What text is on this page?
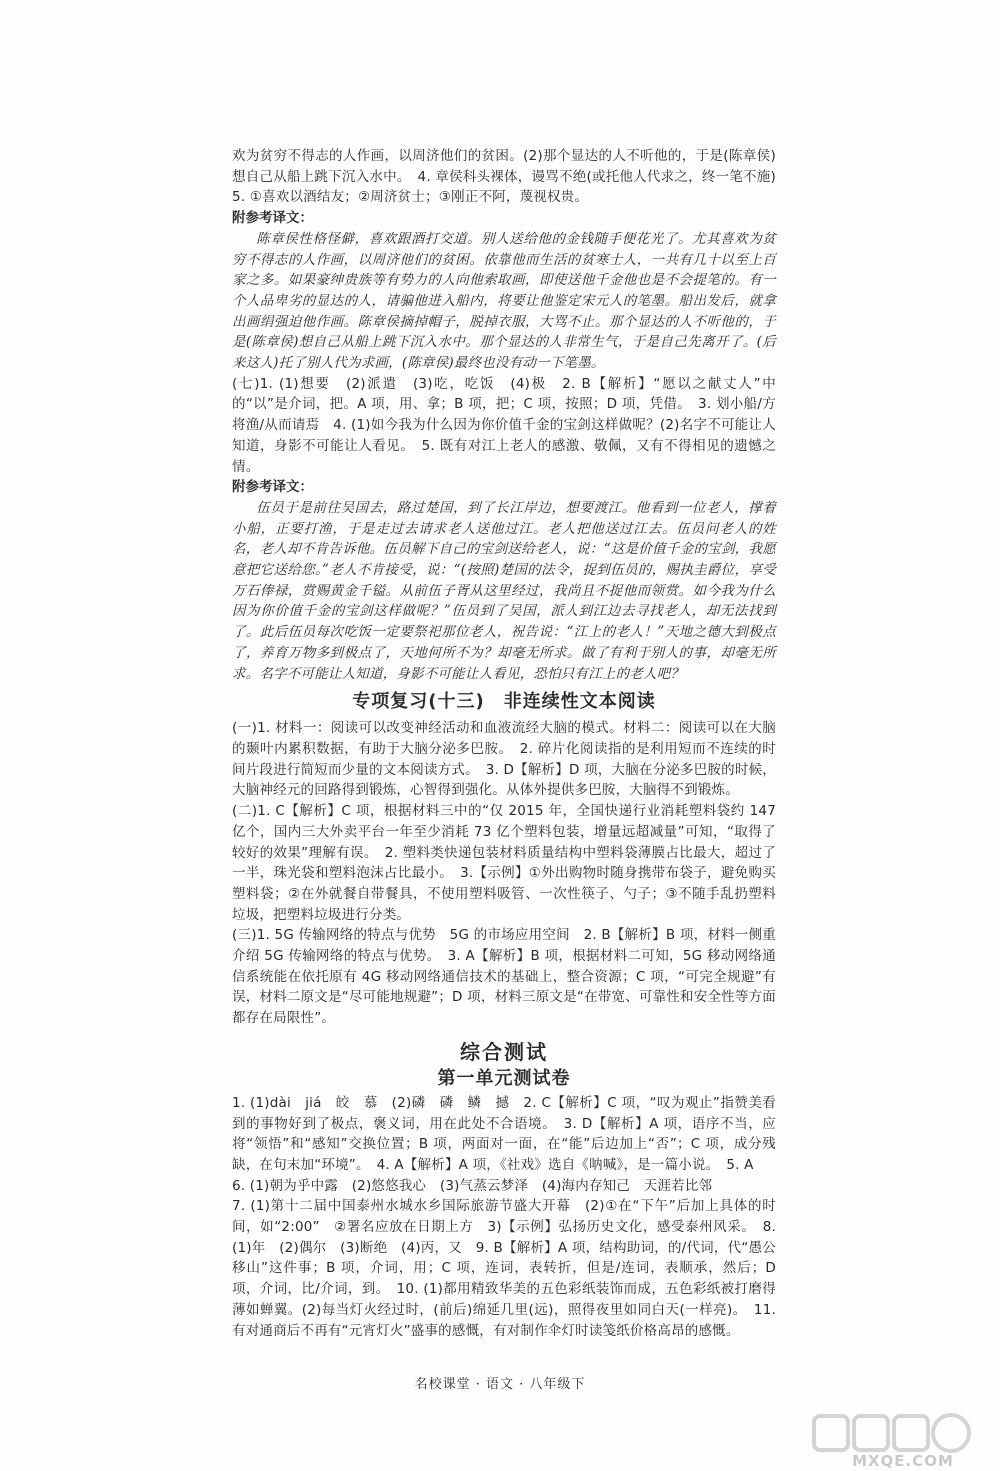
欢为贫穷不得志的人作画，以周济他们的贫困。(2)那个显达的人不听他的，于是(陈章侯)想自己从船上跳下沉入水中。　4. 章侯科头裸体，谩骂不绝(或托他人代求之，终一笔不施)　5. ①喜欢以酒结友；②周济贫士；③刚正不阿，蔑视权贵。

附参考译文：

陈章侯性格怪僻，喜欢跟酒打交道。别人送给他的金钱随手便花光了。尤其喜欢为贫穷不得志的人作画，以周济他们的贫困。依靠他而生活的贫寒士人，一共有几十以至上百家之多。如果豪绅贵族等有势力的人向他索取画，即使送他千金他也是不会提笔的。有一个人品卑劣的显达的人，请骗他进入船内，将要让他鉴定宋元人的笔墨。船出发后，就拿出画绢强迫他作画。陈章侯摘掉帽子，脱掉衣服，大骂不止。那个显达的人不听他的，于是(陈章侯)想自己从船上跳下沉入水中。那个显达的人非常生气，于是自己先离开了。(后来这人)托了别人代为求画，(陈章侯)最终也没有动一下笔墨。

(七)1. (1)想要　(2)派遣　(3)吃，吃饭　(4)极　2. B【解析】“愿以之献丈人”中的“以”是介词，把。A 项，用、拿；B 项，把；C 项，按照；D 项，凭借。　3. 划小船/方将渔/从而请焉　4. (1)如今我为什么因为你价值千金的宝剑这样做呢？(2)名字不可能让人知道，身影不可能让人看见。　5. 既有对江上老人的感激、敬佩，又有不得相见的遗憾之情。

附参考译文：

伍员于是前往吴国去，路过楚国，到了长江岸边，想要渡江。他看到一位老人，撑着小船，正要打渔，于是走过去请求老人送他过江。老人把他送过江去。伍员问老人的姓名，老人却不肯告诉他。伍员解下自己的宝剑送给老人，说：“这是价值千金的宝剑，我愿意把它送给您。”老人不肯接受，说：“(按照)楚国的法令，捉到伍员的，赐执圭爵位，享受万石俸禄，赏赐黄金千镒。从前伍子胥从这里经过，我尚且不捉他而领赏。如今我为什么因为你价值千金的宝剑这样做呢？”伍员到了吴国，派人到江边去寻找老人，却无法找到了。此后伍员每次吃饭一定要祭祀那位老人，祝告说：“江上的老人！”天地之德大到极点了，养育万物多到极点了，天地何所不为？却毫无所求。做了有利于别人的事，却毫无所求。名字不可能让人知道，身影不可能让人看见，恐怕只有江上的老人吧？

专项复习(十三)　非连续性文本阅读

(一)1. 材料一：阅读可以改变神经活动和血液流经大脑的模式。材料二：阅读可以在大脑的颞叶内累积数据，有助于大脑分泌多巴胺。　2. 碎片化阅读指的是利用短而不连续的时间片段进行简短而少量的文本阅读方式。　3. D【解析】D 项，大脑在分泌多巴胺的时候，大脑神经元的回路得到锻炼，心智得到强化。从体外提供多巴胺，大脑得不到锻炼。

(二)1. C【解析】C 项，根据材料三中的“仅 2015 年，全国快递行业消耗塑料袋约 147 亿个，国内三大外卖平台一年至少消耗 73 亿个塑料包装，增量远超减量”可知，“取得了较好的效果”理解有误。　2. 塑料类快递包装材料质量结构中塑料袋薄膜占比最大，超过了一半，珠光袋和塑料泡沫占比最小。　3.【示例】①外出购物时随身携带布袋子，避免购买塑料袋；②在外就餐自带餐具，不使用塑料吸管、一次性筷子、勺子；③不随手乱扔塑料垃圾，把塑料垃圾进行分类。

(三)1. 5G 传输网络的特点与优势　5G 的市场应用空间　2. B【解析】B 项，材料一侧重介绍 5G 传输网络的特点与优势。　3. A【解析】B 项，根据材料二可知，5G 移动网络通信系统能在依托原有 4G 移动网络通信技术的基础上，整合资源；C 项，“可完全规避”有误，材料二原文是“尽可能地规避”；D 项，材料三原文是“在带宽、可靠性和安全性等方面都存在局限性”。

综合测试
第一单元测试卷

1. (1)dài　jiá　皎　慕　(2)磷　磷　鳞　撼　2. C【解析】C 项，“叹为观止”指赞美看到的事物好到了极点，褒义词，用在此处不合语境。　3. D【解析】A 项，语序不当，应将“领悟”和“感知”交换位置；B 项，两面对一面，在“能”后边加上“否”；C 项，成分残缺，在句末加“环境”。　4. A【解析】A 项，《社戏》选自《呐喊》，是一篇小说。　5. A

6. (1)朝为乎中露　(2)悠悠我心　(3)气蒸云梦泽　(4)海内存知己　天涯若比邻

7. (1)第十二届中国泰州水城水乡国际旅游节盛大开幕　(2)①在“下午”后加上具体的时间，如“2:00”　②署名应放在日期上方　3)【示例】弘扬历史文化，感受泰州风采。　8. (1)年　(2)偶尔　(3)断绝　(4)丙，又　9. B【解析】A 项，结构助词，的/代词，代“愚公移山”这件事；B 项，介词，用；C 项，连词，表转折，但是/连词，表顺承，然后；D 项，介词，比/介词，到。　10. (1)都用精致华美的五色彩纸装饰而成，五色彩纸被打磨得薄如蝉翼。(2)每当灯火经过时，(前后)绵延几里(远)，照得夜里如同白天(一样亮)。　11. 有对通商后不再有“元宵灯火”盛事的感慨，有对制作伞灯时读笺纸价格高昂的感慨。

名校课堂 · 语文 · 八年级下
MXQE.COM
